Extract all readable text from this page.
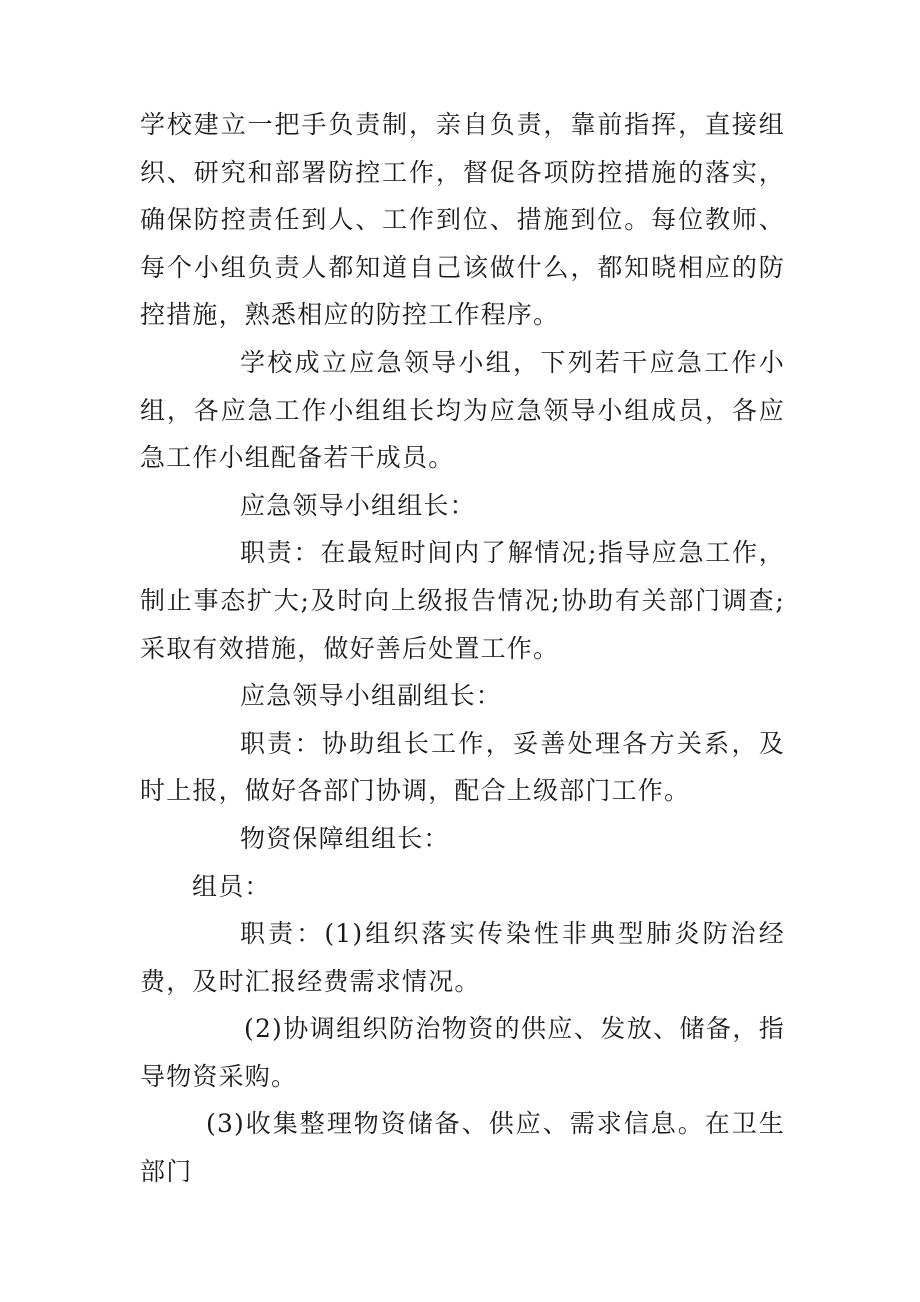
学校建立一把手负责制，亲自负责，靠前指挥，直接组织、研究和部署防控工作，督促各项防控措施的落实，确保防控责任到人、工作到位、措施到位。每位教师、每个小组负责人都知道自己该做什么，都知晓相应的防控措施，熟悉相应的防控工作程序。

学校成立应急领导小组，下列若干应急工作小组，各应急工作小组组长均为应急领导小组成员，各应急工作小组配备若干成员。

应急领导小组组长：

职责：在最短时间内了解情况;指导应急工作，制止事态扩大;及时向上级报告情况;协助有关部门调查;采取有效措施，做好善后处置工作。

应急领导小组副组长：

职责：协助组长工作，妥善处理各方关系，及时上报，做好各部门协调，配合上级部门工作。

物资保障组组长：

组员：

职责：(1)组织落实传染性非典型肺炎防治经费，及时汇报经费需求情况。

(2)协调组织防治物资的供应、发放、储备，指导物资采购。

(3)收集整理物资储备、供应、需求信息。在卫生部门
